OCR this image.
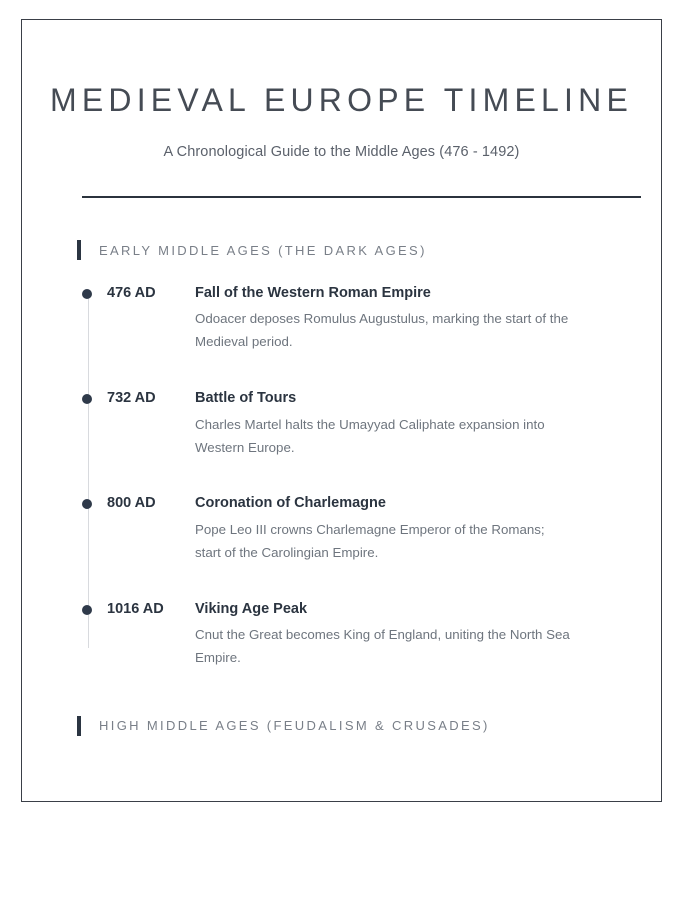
MEDIEVAL EUROPE TIMELINE

A Chronological Guide to the Middle Ages (476 - 1492)

EARLY MIDDLE AGES (THE DARK AGES)
476 AD	Fall of the Western Roman Empire

Odoacer deposes Romulus Augustulus, marking the start of the Medieval period.

732 AD	Battle of Tours

Charles Martel halts the Umayyad Caliphate expansion into Western Europe.

800 AD	Coronation of Charlemagne

Pope Leo III crowns Charlemagne Emperor of the Romans; start of the Carolingian Empire.

1016 AD	Viking Age Peak

Cnut the Great becomes King of England, uniting the North Sea Empire.

HIGH MIDDLE AGES (FEUDALISM & CRUSADES)
